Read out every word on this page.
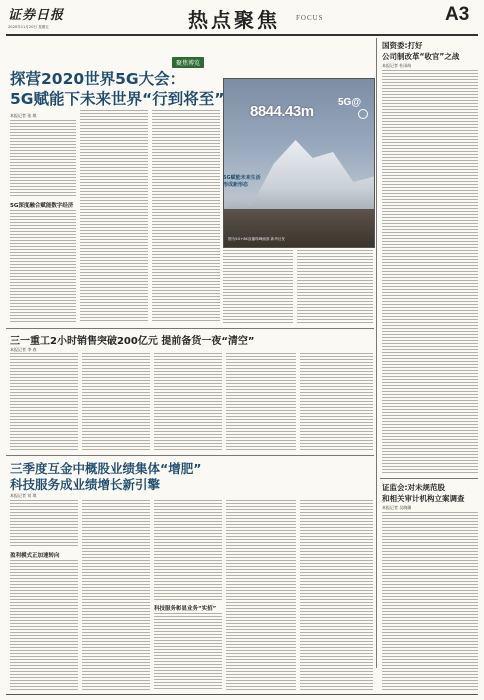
证券日报
2020年11月20日 星期五	热点聚焦 FOCUS	A3
聚焦博览
探营2020世界5G大会：
5G赋能下未来世界“行到将至”
本报记者 张 敏
5G深度融合赋能数字经济
8844.43m
5G@
图为5G+8K直播珠峰画面 新华社发
5G赋能未来生活
形成新形态
国资委:打好
公司制改革“收官”之战
本报记者 杜雨萌
三一重工2小时销售突破200亿元 提前备货一夜“清空”
本报记者 李 春
三季度互金中概股业绩集体“增肥”
科技服务成业绩增长新引擎
本报记者 刘 琪
盈利模式正加速转向
科技服务彰显业务“实招”
证监会:对未规范股
和相关审计机构立案调查
本报记者 吴晓璐
